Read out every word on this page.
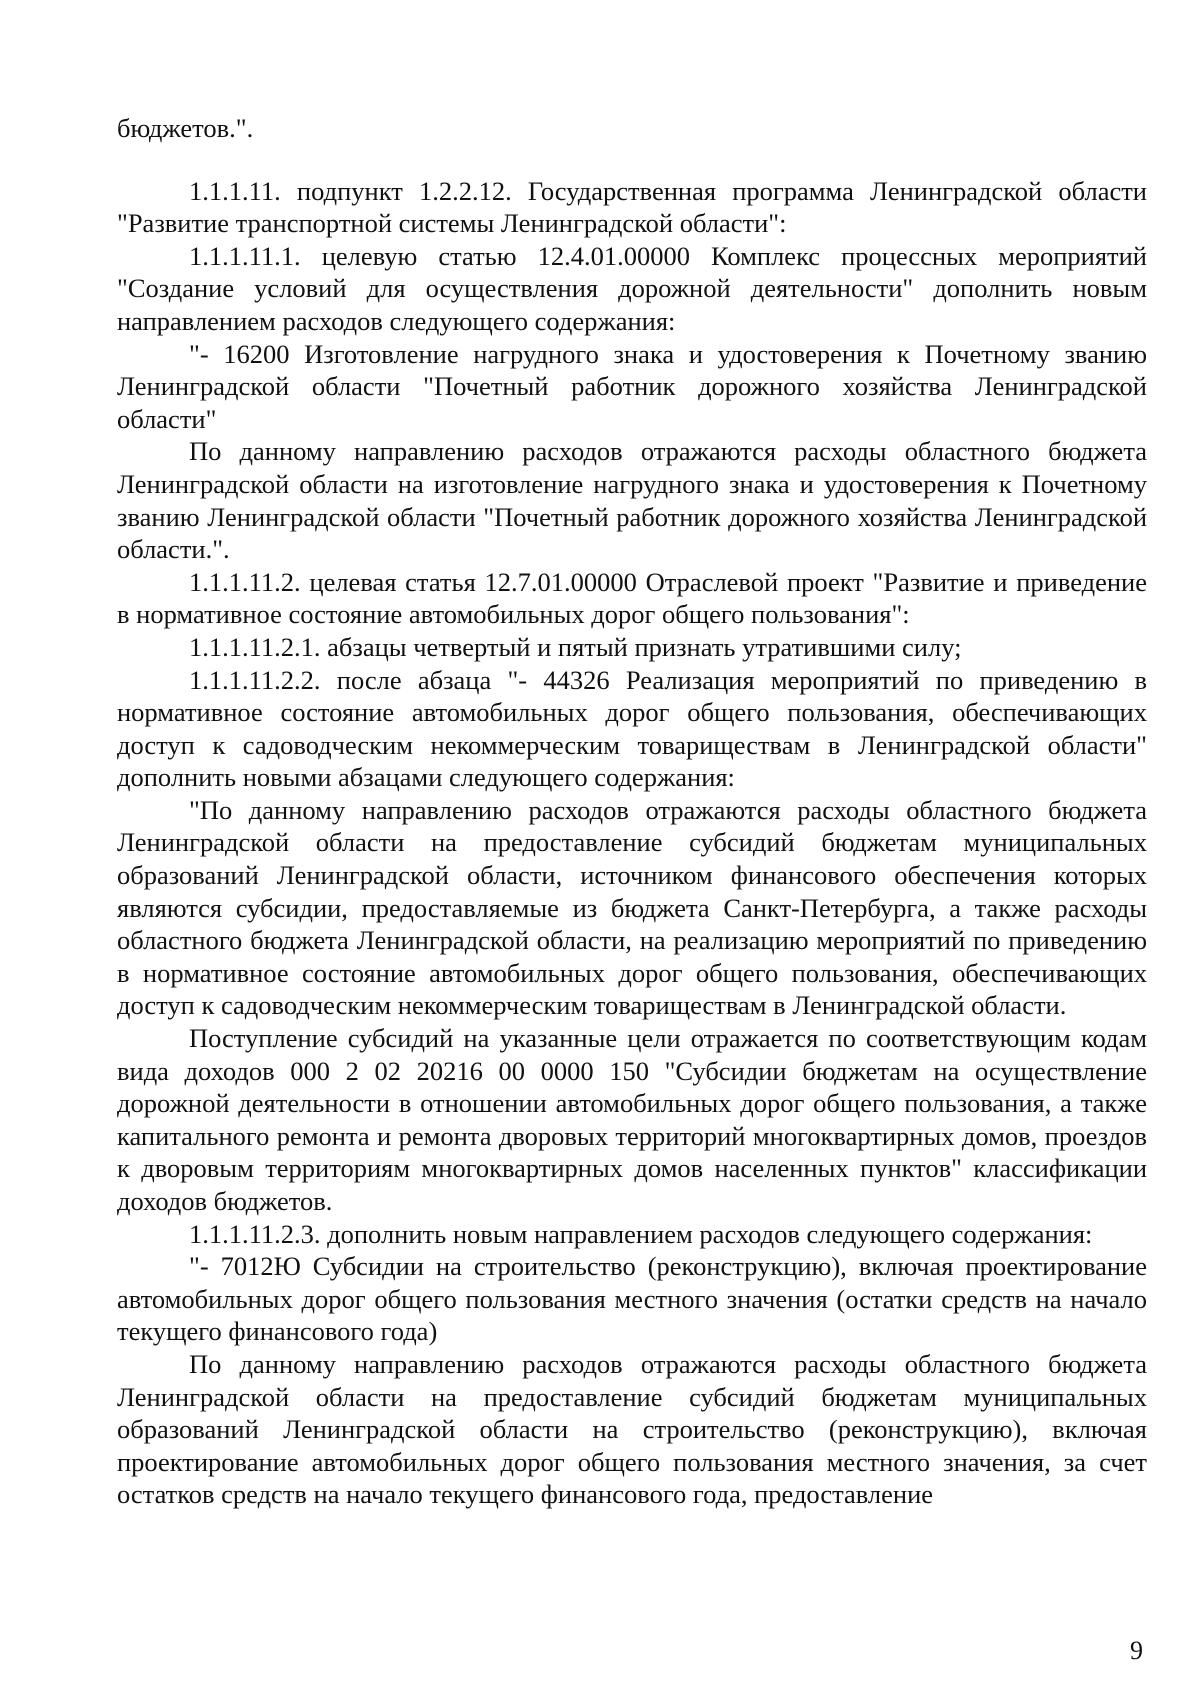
бюджетов.".

1.1.1.11. подпункт 1.2.2.12. Государственная программа Ленинградской области "Развитие транспортной системы Ленинградской области":

1.1.1.11.1. целевую статью 12.4.01.00000 Комплекс процессных мероприятий "Создание условий для осуществления дорожной деятельности" дополнить новым направлением расходов следующего содержания:

"- 16200 Изготовление нагрудного знака и удостоверения к Почетному званию Ленинградской области "Почетный работник дорожного хозяйства Ленинградской области"

По данному направлению расходов отражаются расходы областного бюджета Ленинградской области на изготовление нагрудного знака и удостоверения к Почетному званию Ленинградской области "Почетный работник дорожного хозяйства Ленинградской области.".

1.1.1.11.2. целевая статья 12.7.01.00000 Отраслевой проект "Развитие и приведение в нормативное состояние автомобильных дорог общего пользования":

1.1.1.11.2.1. абзацы четвертый и пятый признать утратившими силу;

1.1.1.11.2.2. после абзаца "- 44326 Реализация мероприятий по приведению в нормативное состояние автомобильных дорог общего пользования, обеспечивающих доступ к садоводческим некоммерческим товариществам в Ленинградской области" дополнить новыми абзацами следующего содержания:

"По данному направлению расходов отражаются расходы областного бюджета Ленинградской области на предоставление субсидий бюджетам муниципальных образований Ленинградской области, источником финансового обеспечения которых являются субсидии, предоставляемые из бюджета Санкт-Петербурга, а также расходы областного бюджета Ленинградской области, на реализацию мероприятий по приведению в нормативное состояние автомобильных дорог общего пользования, обеспечивающих доступ к садоводческим некоммерческим товариществам в Ленинградской области.

Поступление субсидий на указанные цели отражается по соответствующим кодам вида доходов 000 2 02 20216 00 0000 150 "Субсидии бюджетам на осуществление дорожной деятельности в отношении автомобильных дорог общего пользования, а также капитального ремонта и ремонта дворовых территорий многоквартирных домов, проездов к дворовым территориям многоквартирных домов населенных пунктов" классификации доходов бюджетов.

1.1.1.11.2.3. дополнить новым направлением расходов следующего содержания:

"- 7012Ю Субсидии на строительство (реконструкцию), включая проектирование автомобильных дорог общего пользования местного значения (остатки средств на начало текущего финансового года)

По данному направлению расходов отражаются расходы областного бюджета Ленинградской области на предоставление субсидий бюджетам муниципальных образований Ленинградской области на строительство (реконструкцию), включая проектирование автомобильных дорог общего пользования местного значения, за счет остатков средств на начало текущего финансового года, предоставление

9
